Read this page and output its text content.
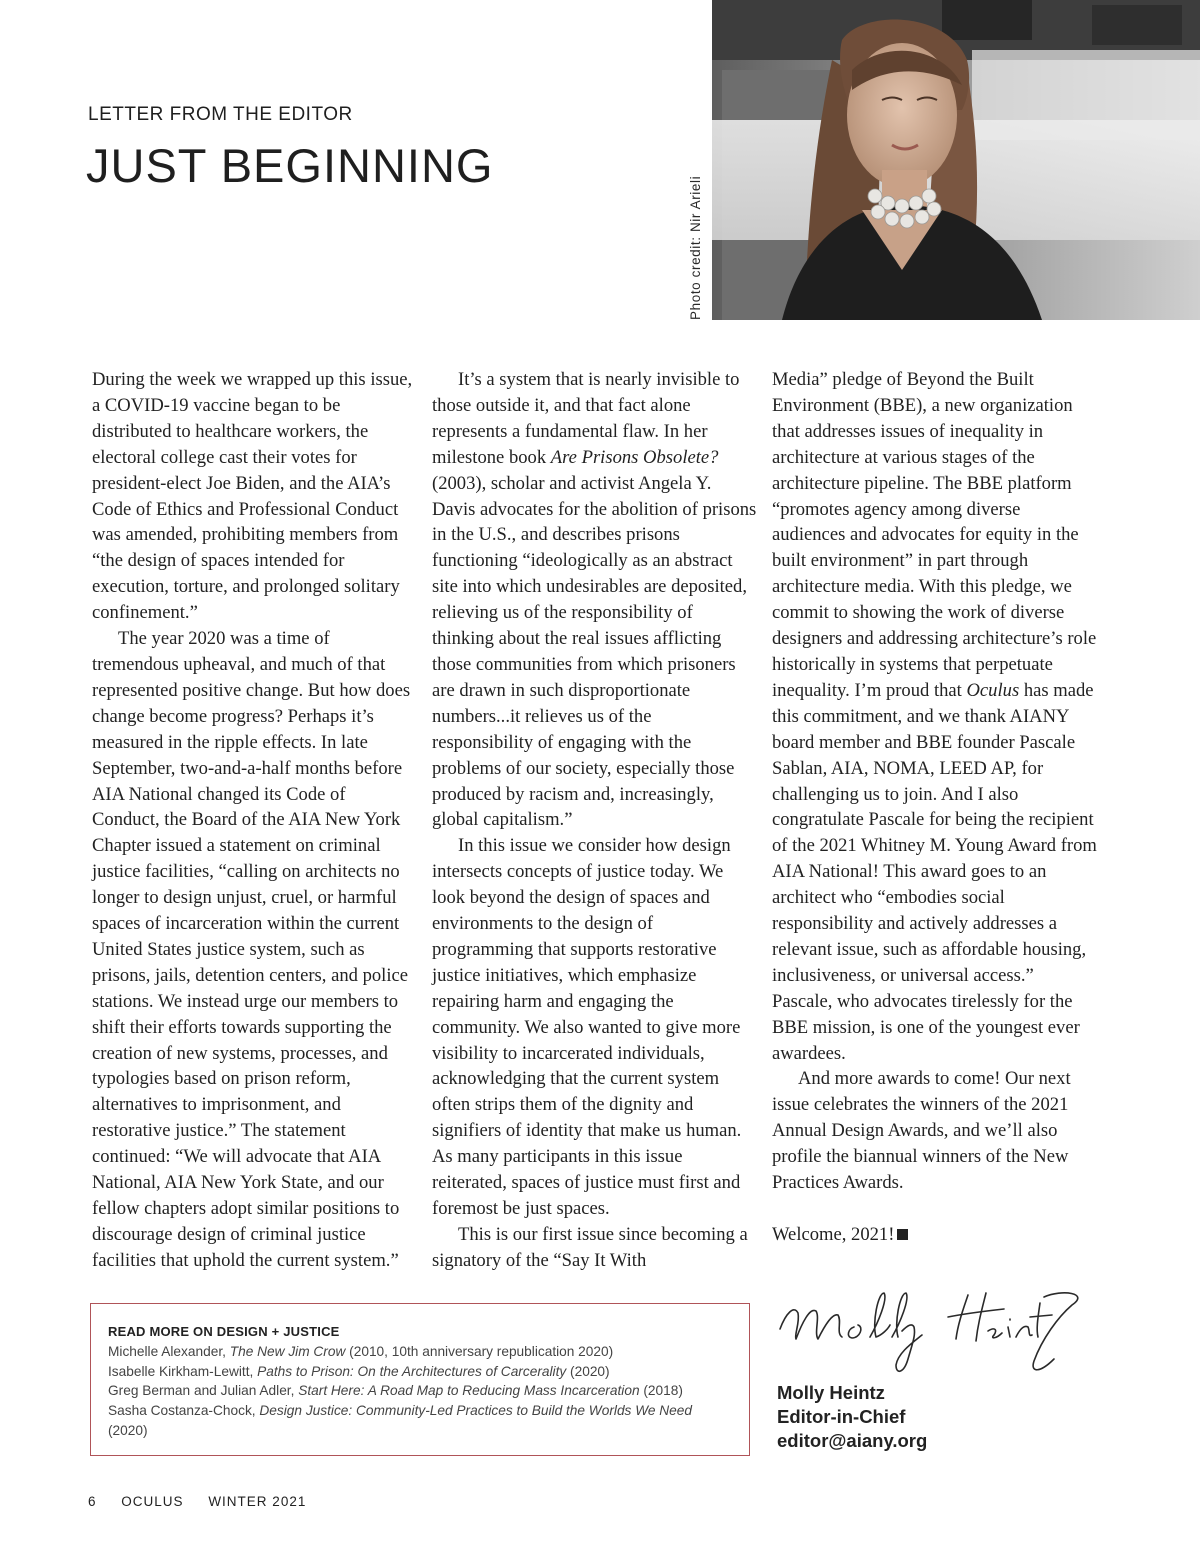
LETTER FROM THE EDITOR
JUST BEGINNING
Photo credit: Nir Arieli

During the week we wrapped up this issue, a COVID-19 vaccine began to be distributed to healthcare workers, the electoral college cast their votes for president-elect Joe Biden, and the AIA’s Code of Ethics and Professional Conduct was amended, prohibiting members from “the design of spaces intended for execution, torture, and prolonged solitary confinement.”

The year 2020 was a time of tremendous upheaval, and much of that represented positive change. But how does change become progress? Perhaps it’s measured in the ripple effects. In late September, two-and-a-half months before AIA National changed its Code of Conduct, the Board of the AIA New York Chapter issued a statement on criminal justice facilities, “calling on architects no longer to design unjust, cruel, or harmful spaces of incarceration within the current United States justice system, such as prisons, jails, detention centers, and police stations. We instead urge our members to shift their efforts towards supporting the creation of new systems, processes, and typologies based on prison reform, alternatives to imprisonment, and restorative justice.” The statement continued: “We will advocate that AIA National, AIA New York State, and our fellow chapters adopt similar positions to discourage design of criminal justice facilities that uphold the current system.”

It’s a system that is nearly invisible to those outside it, and that fact alone represents a fundamental flaw. In her milestone book Are Prisons Obsolete? (2003), scholar and activist Angela Y. Davis advocates for the abolition of prisons in the U.S., and describes prisons functioning “ideologically as an abstract site into which undesirables are deposited, relieving us of the responsibility of thinking about the real issues afflicting those communities from which prisoners are drawn in such disproportionate numbers...it relieves us of the responsibility of engaging with the problems of our society, especially those produced by racism and, increasingly, global capitalism.”

In this issue we consider how design intersects concepts of justice today. We look beyond the design of spaces and environments to the design of programming that supports restorative justice initiatives, which emphasize repairing harm and engaging the community. We also wanted to give more visibility to incarcerated individuals, acknowledging that the current system often strips them of the dignity and signifiers of identity that make us human. As many participants in this issue reiterated, spaces of justice must first and foremost be just spaces.

This is our first issue since becoming a signatory of the “Say It With

Media” pledge of Beyond the Built Environment (BBE), a new organization that addresses issues of inequality in architecture at various stages of the architecture pipeline. The BBE platform “promotes agency among diverse audiences and advocates for equity in the built environment” in part through architecture media. With this pledge, we commit to showing the work of diverse designers and addressing architecture’s role historically in systems that perpetuate inequality. I’m proud that Oculus has made this commitment, and we thank AIANY board member and BBE founder Pascale Sablan, AIA, NOMA, LEED AP, for challenging us to join. And I also congratulate Pascale for being the recipient of the 2021 Whitney M. Young Award from AIA National! This award goes to an architect who “embodies social responsibility and actively addresses a relevant issue, such as affordable housing, inclusiveness, or universal access.” Pascale, who advocates tirelessly for the BBE mission, is one of the youngest ever awardees.

And more awards to come! Our next issue celebrates the winners of the 2021 Annual Design Awards, and we’ll also profile the biannual winners of the New Practices Awards.

Welcome, 2021!

READ MORE ON DESIGN + JUSTICE
Michelle Alexander, The New Jim Crow (2010, 10th anniversary republication 2020)
Isabelle Kirkham-Lewitt, Paths to Prison: On the Architectures of Carcerality (2020)
Greg Berman and Julian Adler, Start Here: A Road Map to Reducing Mass Incarceration (2018)
Sasha Costanza-Chock, Design Justice: Community-Led Practices to Build the Worlds We Need (2020)
Molly Heintz
Editor-in-Chief
editor@aiany.org
6 OCULUS WINTER 2021
